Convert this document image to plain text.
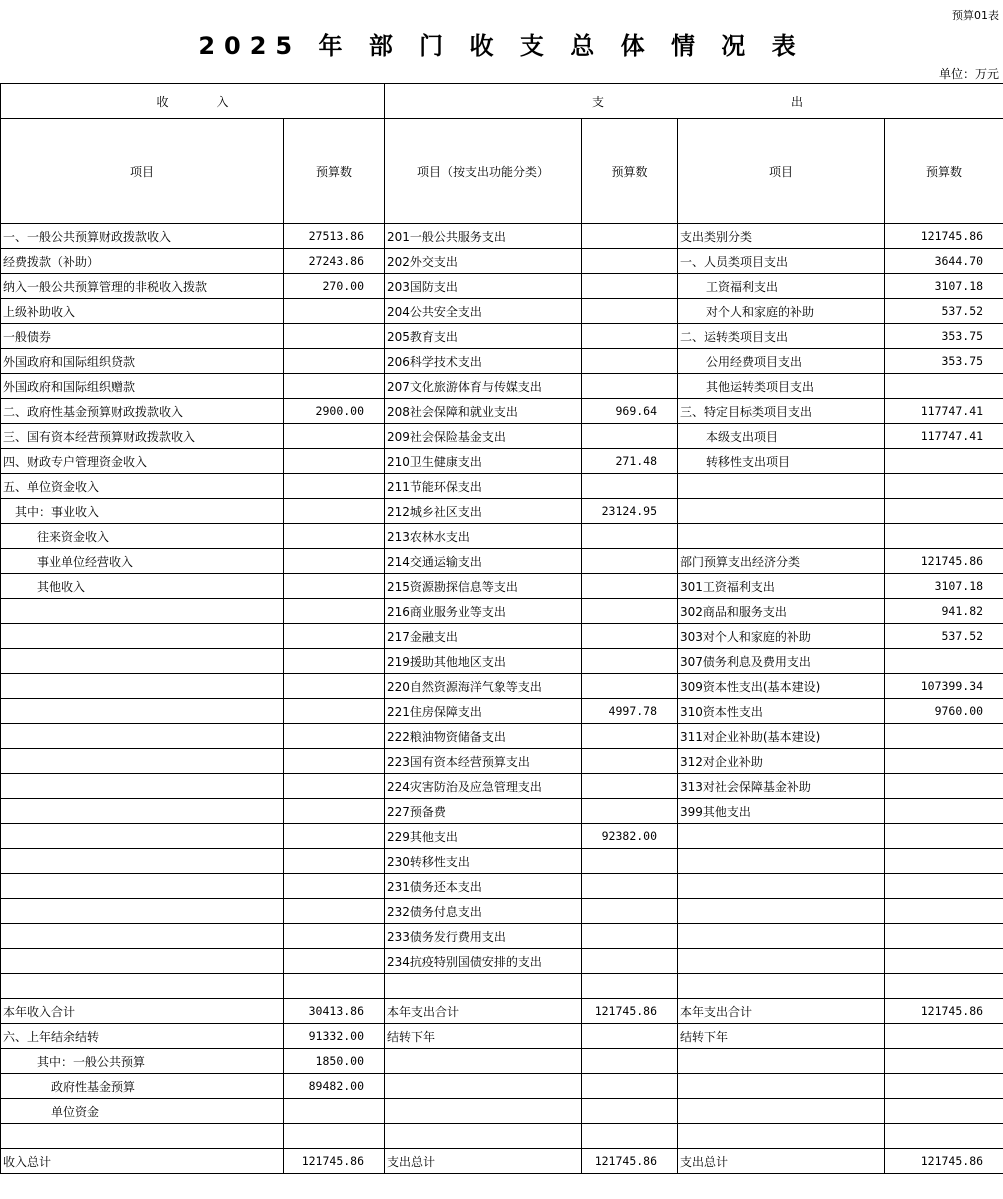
预算01表
2025 年 部 门 收 支 总 体 情 况 表
单位：万元
收　　　　入		支 出			

项目	预算数	项目（按支出功能分类）	预算数	项目	预算数
一、一般公共预算财政拨款收入	27513.86	201一般公共服务支出		支出类别分类	121745.86
经费拨款（补助）	27243.86	202外交支出		一、人员类项目支出	3644.70
纳入一般公共预算管理的非税收入拨款	270.00	203国防支出		工资福利支出	3107.18
上级补助收入		204公共安全支出		对个人和家庭的补助	537.52
一般债券		205教育支出		二、运转类项目支出	353.75
外国政府和国际组织贷款		206科学技术支出		公用经费项目支出	353.75
外国政府和国际组织赠款		207文化旅游体育与传媒支出		其他运转类项目支出	
二、政府性基金预算财政拨款收入	2900.00	208社会保障和就业支出	969.64	三、特定目标类项目支出	117747.41
三、国有资本经营预算财政拨款收入		209社会保险基金支出		本级支出项目	117747.41
四、财政专户管理资金收入		210卫生健康支出	271.48	转移性支出项目	
五、单位资金收入		211节能环保支出			
其中：事业收入		212城乡社区支出	23124.95		
往来资金收入		213农林水支出			
事业单位经营收入		214交通运输支出		部门预算支出经济分类	121745.86
其他收入		215资源勘探信息等支出		301工资福利支出	3107.18
		216商业服务业等支出		302商品和服务支出	941.82
		217金融支出		303对个人和家庭的补助	537.52
		219援助其他地区支出		307债务利息及费用支出	
		220自然资源海洋气象等支出		309资本性支出(基本建设)	107399.34
		221住房保障支出	4997.78	310资本性支出	9760.00
		222粮油物资储备支出		311对企业补助(基本建设)	
		223国有资本经营预算支出		312对企业补助	
		224灾害防治及应急管理支出		313对社会保障基金补助	
		227预备费		399其他支出	
		229其他支出	92382.00		
		230转移性支出			
		231债务还本支出			
		232债务付息支出			
		233债务发行费用支出			
		234抗疫特别国债安排的支出			

本年收入合计	30413.86	本年支出合计	121745.86	本年支出合计	121745.86
六、上年结余结转	91332.00	结转下年		结转下年	
其中：一般公共预算	1850.00				
政府性基金预算	89482.00				
单位资金					

收入总计	121745.86	支出总计	121745.86	支出总计	121745.86
